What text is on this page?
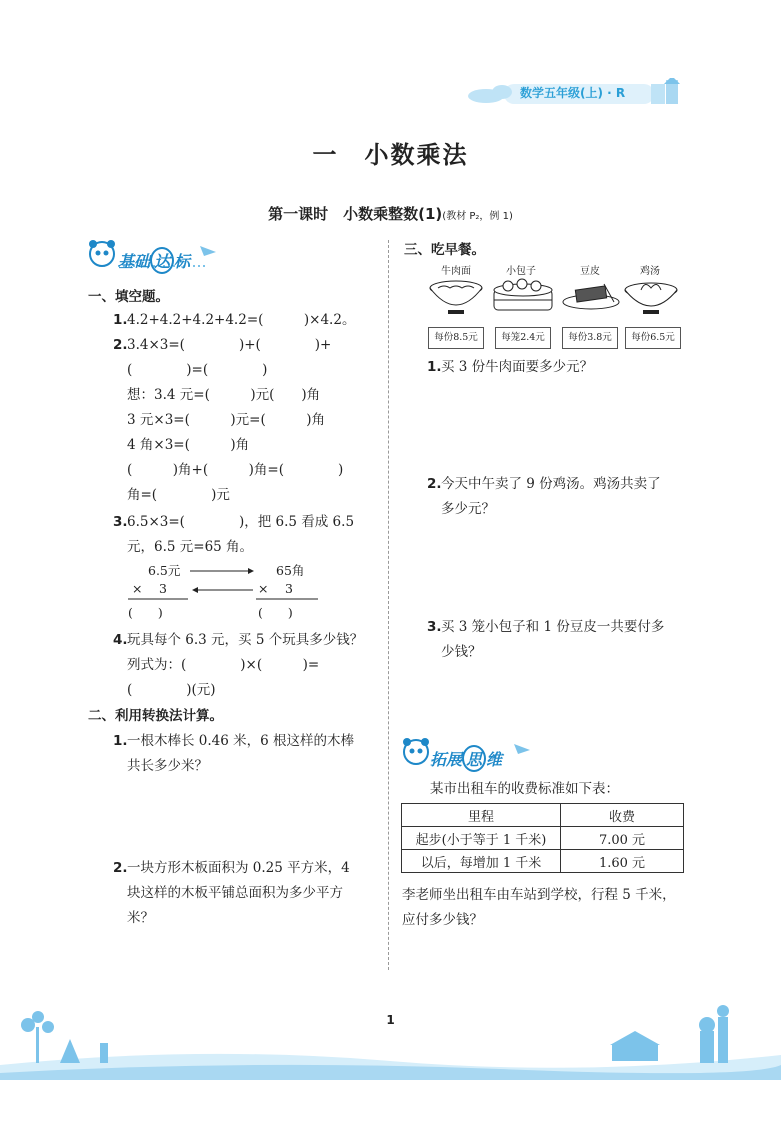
数学五年级(上) · R
一　小数乘法
第一课时　小数乘整数(1)(教材 P₂，例 1)
基础 达 标
一、填空题。
1. 4.2+4.2+4.2+4.2=(　　　)×4.2。
2. 3.4×3=(　　　　)+(　　　　)+
(　　　　)=(　　　　)
想：3.4 元=(　　　)元(　　)角
3 元×3=(　　　)元=(　　　)角
4 角×3=(　　　)角
(　　　)角+(　　　)角=(　　　　)
角=(　　　　)元
3. 6.5×3=(　　　　)，把 6.5 看成 6.5
元，6.5 元=65 角。
6.5元	65角
×　 3	×　 3
(　　)	(　　)
4. 玩具每个 6.3 元，买 5 个玩具多少钱？
列式为：(　　　　)×(　　　)=
(　　　　)(元)
二、利用转换法计算。
1. 一根木棒长 0.46 米，6 根这样的木棒
共长多少米？
2. 一块方形木板面积为 0.25 平方米，4
块这样的木板平铺总面积为多少平方
米？
三、吃早餐。
牛肉面	小包子	豆皮	鸡汤
每份8.5元	每笼2.4元	每份3.8元	每份6.5元
1. 买 3 份牛肉面要多少元？
2. 今天中午卖了 9 份鸡汤。鸡汤共卖了
多少元？
3. 买 3 笼小包子和 1 份豆皮一共要付多
少钱？
拓展 思 维
某市出租车的收费标准如下表：
里程	收费
起步(小于等于 1 千米)	7.00 元
以后，每增加 1 千米	1.60 元
李老师坐出租车由车站到学校，行程 5 千米，
应付多少钱？
1
